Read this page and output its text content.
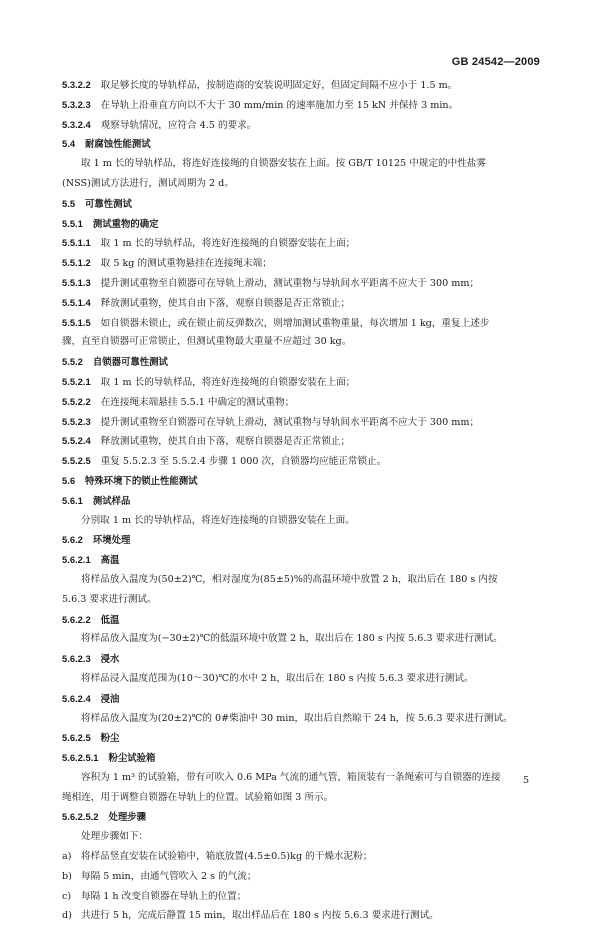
GB 24542—2009
5.3.2.2 取足够长度的导轨样品，按制造商的安装说明固定好，但固定间隔不应小于 1.5 m。
5.3.2.3 在导轨上沿垂直方向以不大于 30 mm/min 的速率施加力至 15 kN 并保持 3 min。
5.3.2.4 观察导轨情况，应符合 4.5 的要求。
5.4 耐腐蚀性能测试
取 1 m 长的导轨样品，将连好连接绳的自锁器安装在上面。按 GB/T 10125 中规定的中性盐雾
(NSS)测试方法进行，测试周期为 2 d。
5.5 可靠性测试
5.5.1 测试重物的确定
5.5.1.1 取 1 m 长的导轨样品，将连好连接绳的自锁器安装在上面；
5.5.1.2 取 5 kg 的测试重物悬挂在连接绳末端；
5.5.1.3 提升测试重物至自锁器可在导轨上滑动，测试重物与导轨间水平距离不应大于 300 mm；
5.5.1.4 释放测试重物，使其自由下落，观察自锁器是否正常锁止；
5.5.1.5 如自锁器未锁止，或在锁止前反弹数次，则增加测试重物重量，每次增加 1 kg，重复上述步
骤，直至自锁器可正常锁止，但测试重物最大重量不应超过 30 kg。
5.5.2 自锁器可靠性测试
5.5.2.1 取 1 m 长的导轨样品，将连好连接绳的自锁器安装在上面；
5.5.2.2 在连接绳末端悬挂 5.5.1 中确定的测试重物；
5.5.2.3 提升测试重物至自锁器可在导轨上滑动，测试重物与导轨间水平距离不应大于 300 mm；
5.5.2.4 释放测试重物，使其自由下落，观察自锁器是否正常锁止；
5.5.2.5 重复 5.5.2.3 至 5.5.2.4 步骤 1 000 次，自锁器均应能正常锁止。
5.6 特殊环境下的锁止性能测试
5.6.1 测试样品
分别取 1 m 长的导轨样品，将连好连接绳的自锁器安装在上面。
5.6.2 环境处理
5.6.2.1 高温
将样品放入温度为(50±2)℃，相对湿度为(85±5)%的高温环境中放置 2 h，取出后在 180 s 内按
5.6.3 要求进行测试。
5.6.2.2 低温
将样品放入温度为(−30±2)℃的低温环境中放置 2 h，取出后在 180 s 内按 5.6.3 要求进行测试。
5.6.2.3 浸水
将样品浸入温度范围为(10～30)℃的水中 2 h，取出后在 180 s 内按 5.6.3 要求进行测试。
5.6.2.4 浸油
将样品放入温度为(20±2)℃的 0#柴油中 30 min，取出后自然晾干 24 h，按 5.6.3 要求进行测试。
5.6.2.5 粉尘
5.6.2.5.1 粉尘试验箱
容积为 1 m³ 的试验箱，带有可吹入 0.6 MPa 气流的通气管，箱顶装有一条绳索可与自锁器的连接
绳相连，用于调整自锁器在导轨上的位置。试验箱如图 3 所示。
5.6.2.5.2 处理步骤
处理步骤如下：
a) 将样品竖直安装在试验箱中，箱底放置(4.5±0.5)kg 的干燥水泥粉；
b) 每隔 5 min，由通气管吹入 2 s 的气流；
c) 每隔 1 h 改变自锁器在导轨上的位置；
d) 共进行 5 h，完成后静置 15 min，取出样品后在 180 s 内按 5.6.3 要求进行测试。
5
